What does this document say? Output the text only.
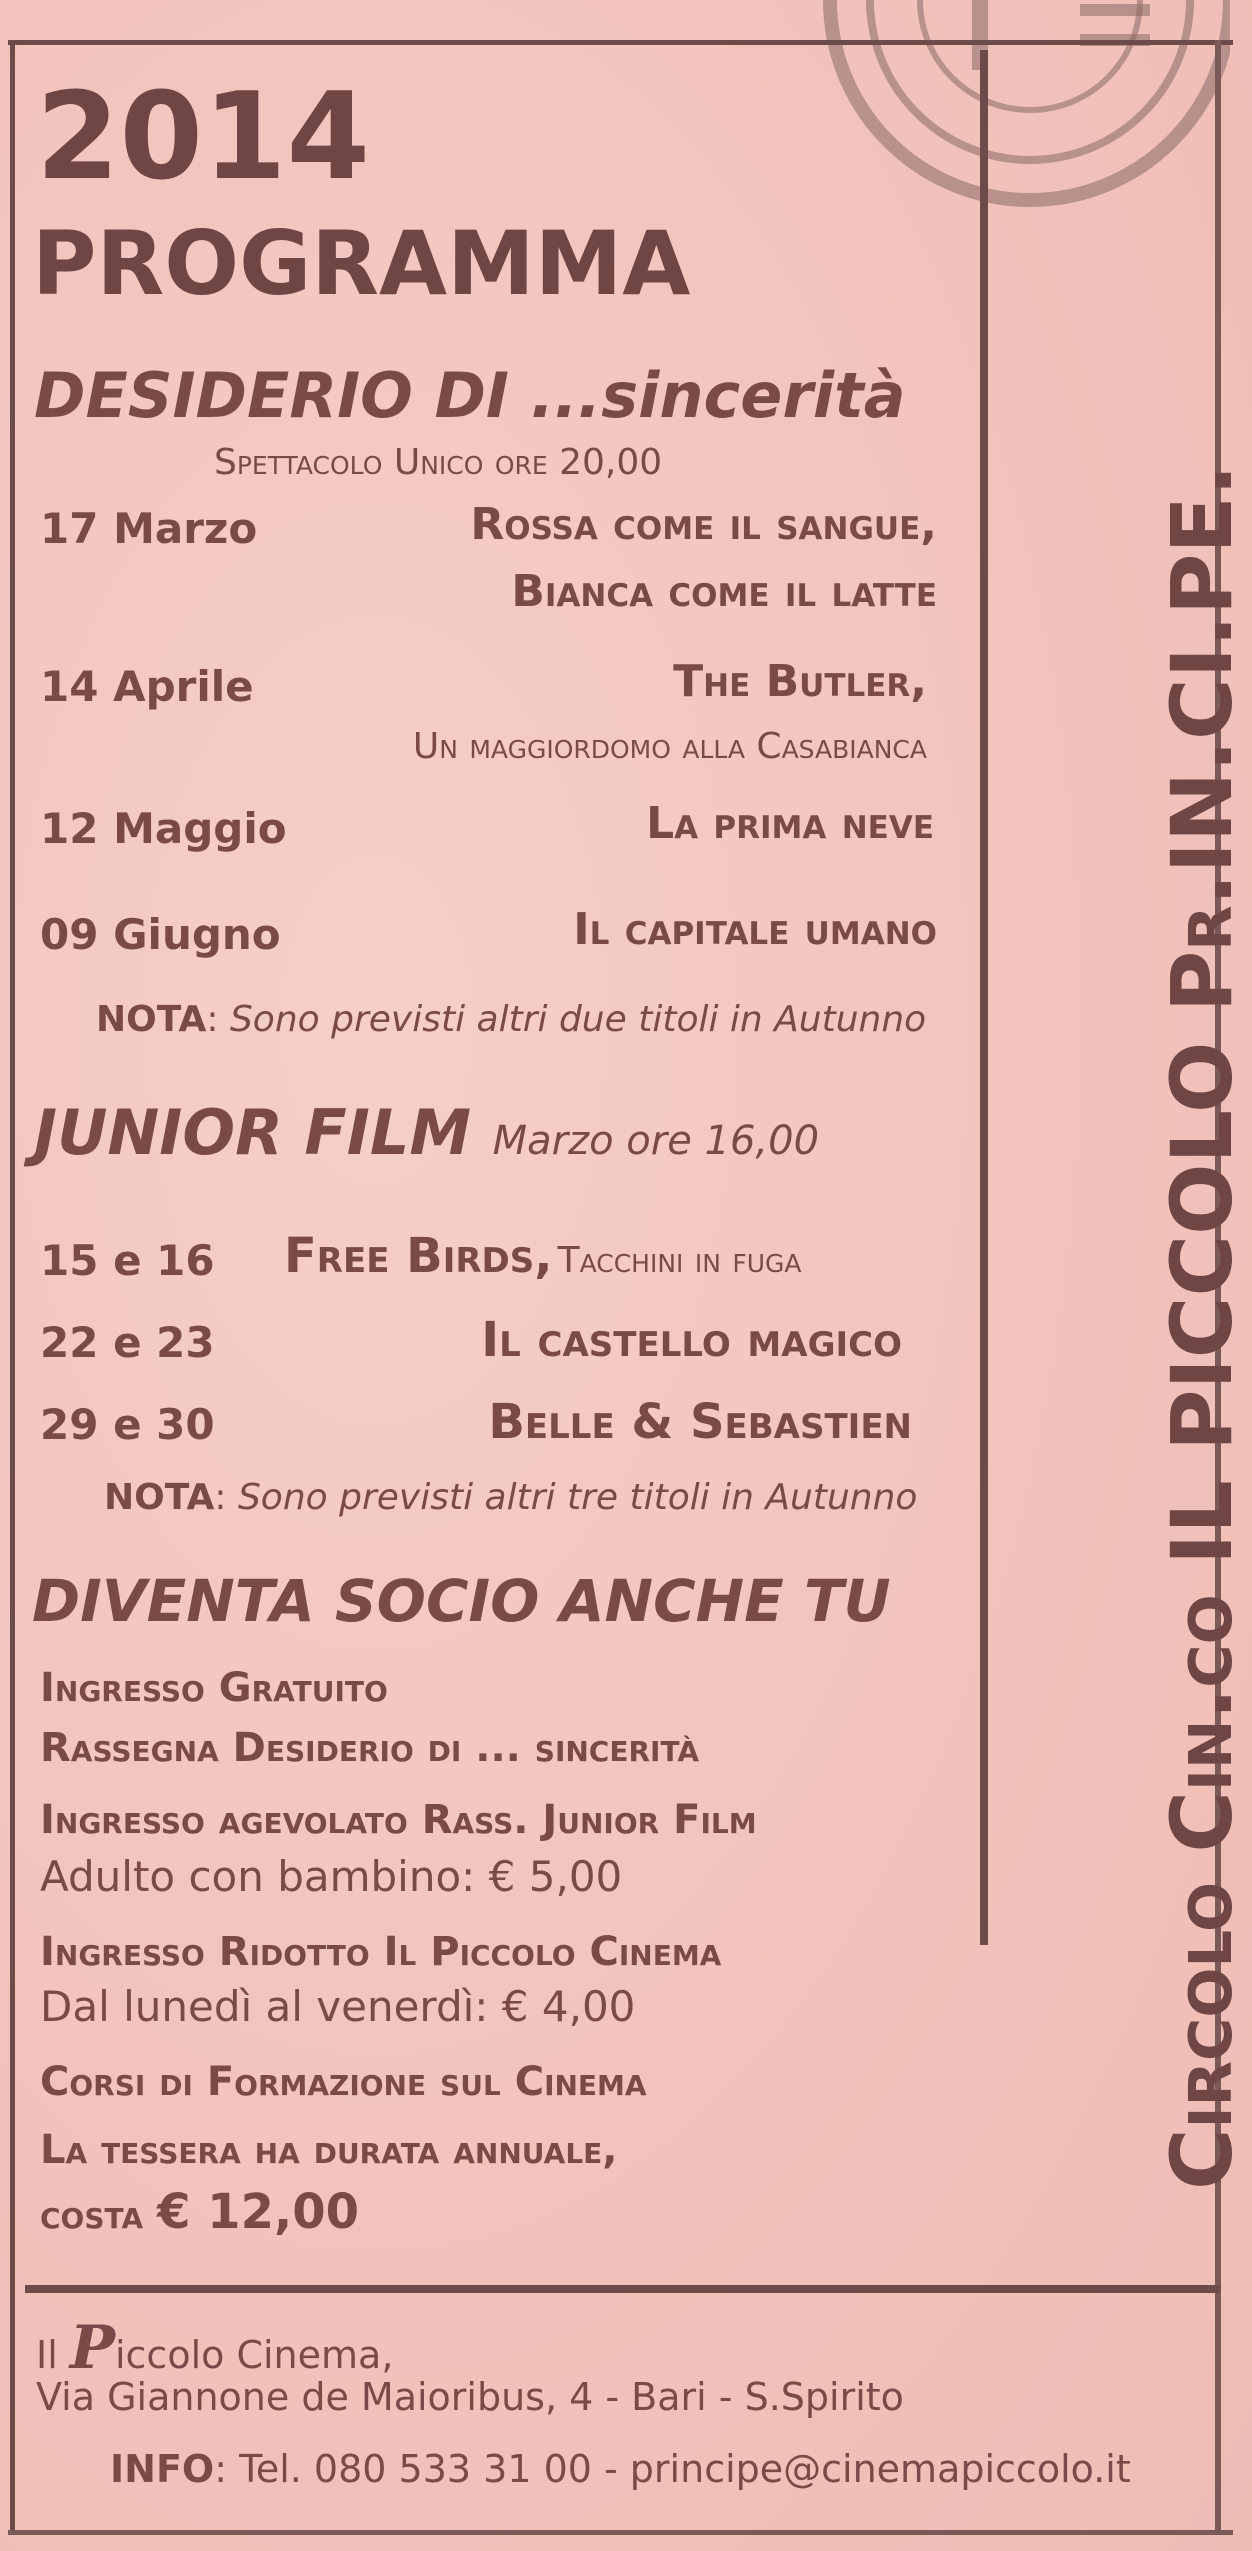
2014
PROGRAMMA
DESIDERIO DI ...sincerità
Spettacolo Unico ore 20,00
17 Marzo	Rossa come il sangue,
Bianca come il latte
14 Aprile	The Butler,
Un maggiordomo alla Casabianca
12 Maggio	La prima neve
09 Giugno	Il capitale umano
NOTA: Sono previsti altri due titoli in Autunno
JUNIOR FILM Marzo ore 16,00
15 e 16 Free Birds, Tacchini in fuga
22 e 23	Il castello magico
29 e 30	Belle & Sebastien
NOTA: Sono previsti altri tre titoli in Autunno
DIVENTA SOCIO ANCHE TU
Ingresso Gratuito
Rassegna Desiderio di ... sincerità
Ingresso agevolato Rass. Junior Film
Adulto con bambino: € 5,00
Ingresso Ridotto Il Piccolo Cinema
Dal lunedì al venerdì: € 4,00
Corsi di Formazione sul Cinema
La tessera ha durata annuale,
costa € 12,00
Circolo Cin.co IL PICCOLO Pr.IN.CI.PE.
Il Piccolo Cinema,
Via Giannone de Maioribus, 4 - Bari - S.Spirito
INFO: Tel. 080 533 31 00 - principe@cinemapiccolo.it
